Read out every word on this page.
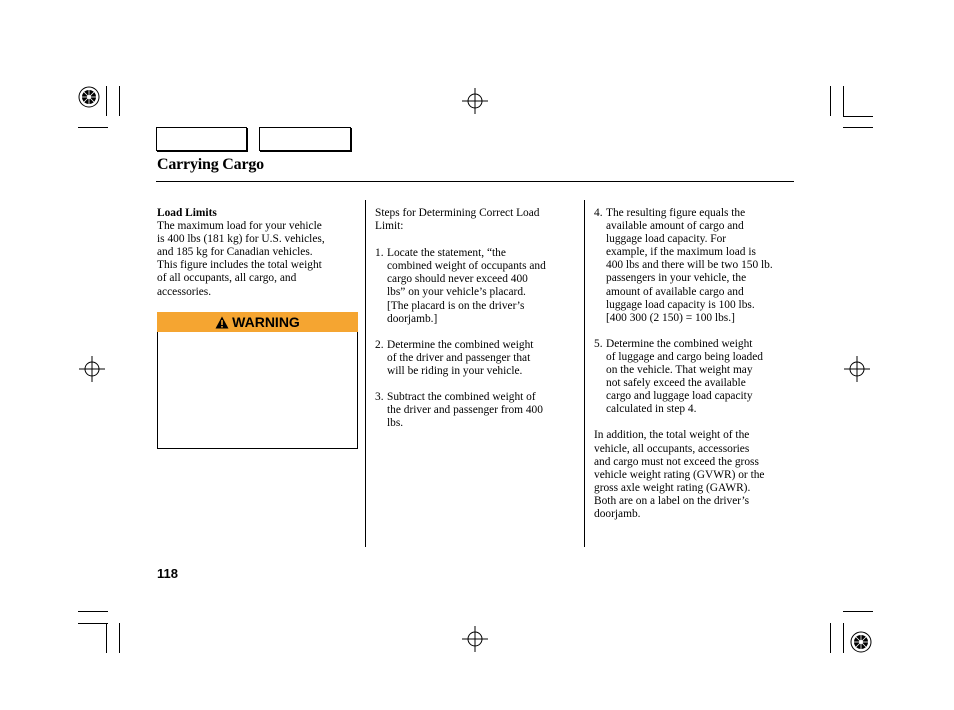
Carrying Cargo

Load Limits

The maximum load for your vehicle
is 400 lbs (181 kg) for U.S. vehicles,
and 185 kg for Canadian vehicles.
This figure includes the total weight
of all occupants, all cargo, and
accessories.

WARNING

Steps for Determining Correct Load
Limit:

1. Locate the statement, “the
combined weight of occupants and
cargo should never exceed 400
lbs” on your vehicle’s placard.
[The placard is on the driver’s
doorjamb.]
2. Determine the combined weight
of the driver and passenger that
will be riding in your vehicle.
3. Subtract the combined weight of
the driver and passenger from 400
lbs.
4. The resulting figure equals the
available amount of cargo and
luggage load capacity. For
example, if the maximum load is
400 lbs and there will be two 150 lb.
passengers in your vehicle, the
amount of available cargo and
luggage load capacity is 100 lbs.
[400 300 (2 150) = 100 lbs.]
5. Determine the combined weight
of luggage and cargo being loaded
on the vehicle. That weight may
not safely exceed the available
cargo and luggage load capacity
calculated in step 4.

In addition, the total weight of the
vehicle, all occupants, accessories
and cargo must not exceed the gross
vehicle weight rating (GVWR) or the
gross axle weight rating (GAWR).
Both are on a label on the driver’s
doorjamb.

118
